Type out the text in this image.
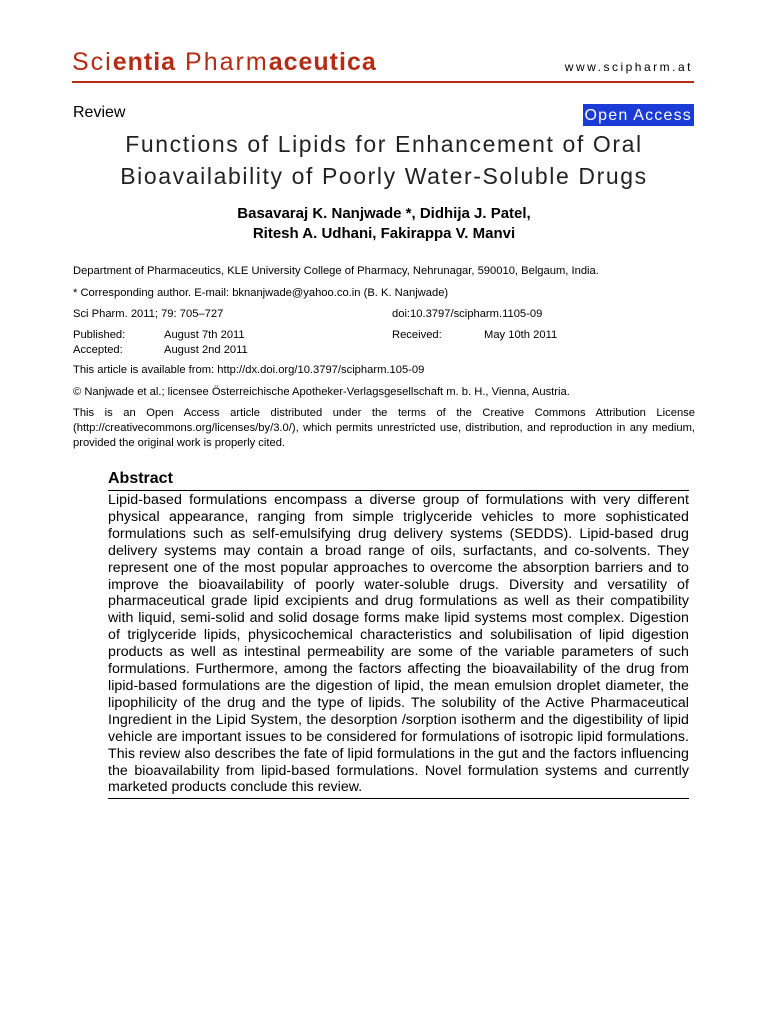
Scientia Pharmaceutica	www.scipharm.at
Review	Open Access
Functions of Lipids for Enhancement of Oral
Bioavailability of Poorly Water-Soluble Drugs
Basavaraj K. Nanjwade *, Didhija J. Patel,
Ritesh A. Udhani, Fakirappa V. Manvi
Department of Pharmaceutics, KLE University College of Pharmacy, Nehrunagar, 590010, Belgaum, India.
* Corresponding author. E-mail: bknanjwade@yahoo.co.in (B. K. Nanjwade)
Sci Pharm. 2011; 79: 705–727	doi:10.3797/scipharm.1105-09
Published:	August 7th 2011	Received:	May 10th 2011
Accepted:	August 2nd 2011
This article is available from: http://dx.doi.org/10.3797/scipharm.105-09
© Nanjwade et al.; licensee Österreichische Apotheker-Verlagsgesellschaft m. b. H., Vienna, Austria.
This is an Open Access article distributed under the terms of the Creative Commons Attribution License (http://creativecommons.org/licenses/by/3.0/), which permits unrestricted use, distribution, and reproduction in any medium, provided the original work is properly cited.
Abstract
Lipid-based formulations encompass a diverse group of formulations with very different physical appearance, ranging from simple triglyceride vehicles to more sophisticated formulations such as self-emulsifying drug delivery systems (SEDDS). Lipid-based drug delivery systems may contain a broad range of oils, surfactants, and co-solvents. They represent one of the most popular approaches to overcome the absorption barriers and to improve the bioavailability of poorly water-soluble drugs. Diversity and versatility of pharmaceutical grade lipid excipients and drug formulations as well as their compatibility with liquid, semi-solid and solid dosage forms make lipid systems most complex. Digestion of triglyceride lipids, physicochemical characteristics and solubilisation of lipid digestion products as well as intestinal permeability are some of the variable parameters of such formulations. Furthermore, among the factors affecting the bioavailability of the drug from lipid-based formulations are the digestion of lipid, the mean emulsion droplet diameter, the lipophilicity of the drug and the type of lipids. The solubility of the Active Pharmaceutical Ingredient in the Lipid System, the desorption /sorption isotherm and the digestibility of lipid vehicle are important issues to be considered for formulations of isotropic lipid formulations. This review also describes the fate of lipid formulations in the gut and the factors influencing the bioavailability from lipid-based formulations. Novel formulation systems and currently marketed products conclude this review.
